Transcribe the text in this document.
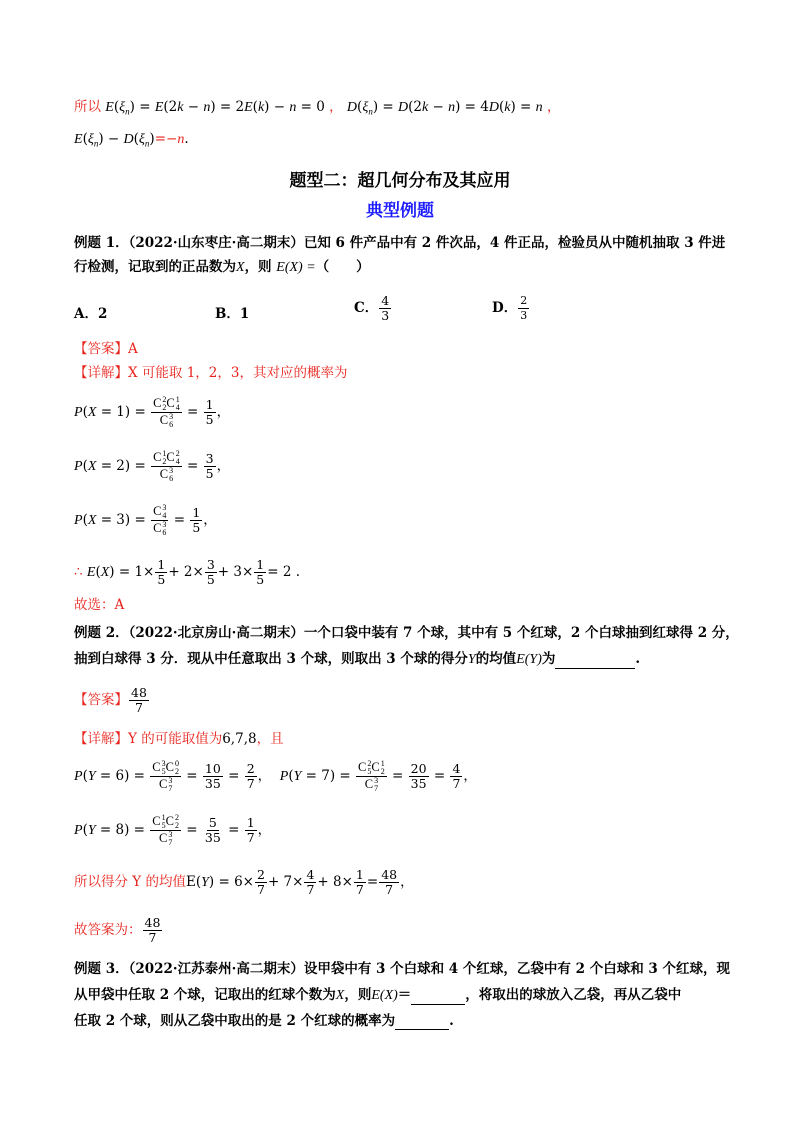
所以 $E(\xi_n) = E(2k - n) = 2E(k) - n = 0$ ， $D(\xi_n) = D(2k - n) = 4D(k) = n$ ，
$E(\xi_n) - D(\xi_n)=-n$.
题型二：超几何分布及其应用
典型例题
例题 1．（2022·山东枣庄·高二期末）已知 6 件产品中有 2 件次品，4 件正品，检验员从中随机抽取 3 件进
行检测，记取到的正品数为X，则 E(X) =（　　）
A．2	B．1	C． $\frac{4}{3}$	D． $\frac{2}{3}$
【答案】A
【详解】X 可能取 1，2，3，其对应的概率为
P(X = 1) = C 2
2 C 1
4
C 3
$6 = \frac{1}{5}$ ，
P(X = 2) = C 1
2 C 2
4
C 3
$6 = \frac{3}{5}$ ，
P(X = 3) = C 3
4
C 3
$6 = \frac{1}{5}$ ，
∴ $E(X) = 1\times \frac{1}{5} + 2\times \frac{3}{5} + 3\times \frac{1}{5} = 2$ .
故选：A
例题 2．（2022·北京房山·高二期末）一个口袋中装有 7 个球，其中有 5 个红球，2 个白球抽到红球得 2 分，
抽到白球得 3 分．现从中任意取出 3 个球，则取出 3 个球的得分Y的均值E(Y)为	.
【答案】 $\frac{48}{7}$
【详解】Y 的可能取值为6,7,8，且
P(Y = 6) = C 3
5 C 0
2
C 3
$7 = \frac{10}{35} = \frac{2}{7}$ ，  P(Y = 7) = C 2
5 C 1
2
C 3
$7 = \frac{20}{35} = \frac{4}{7}$ ，
P(Y = 8) = C 1
5 C 2
2
C 3
$7 = \frac{5}{35} = \frac{1}{7}$ ，
所以得分 Y 的均值$E(Y) = 6\times \frac{2}{7} + 7\times \frac{4}{7} + 8\times \frac{1}{7} = \frac{48}{7}$ ，
故答案为： $\frac{48}{7}$
例题 3．（2022·江苏泰州·高二期末）设甲袋中有 3 个白球和 4 个红球，乙袋中有 2 个白球和 3 个红球，现
从甲袋中任取 2 个球，记取出的红球个数为X，则E(X)＝	，将取出的球放入乙袋，再从乙袋中
任取 2 个球，则从乙袋中取出的是 2 个红球的概率为	.
